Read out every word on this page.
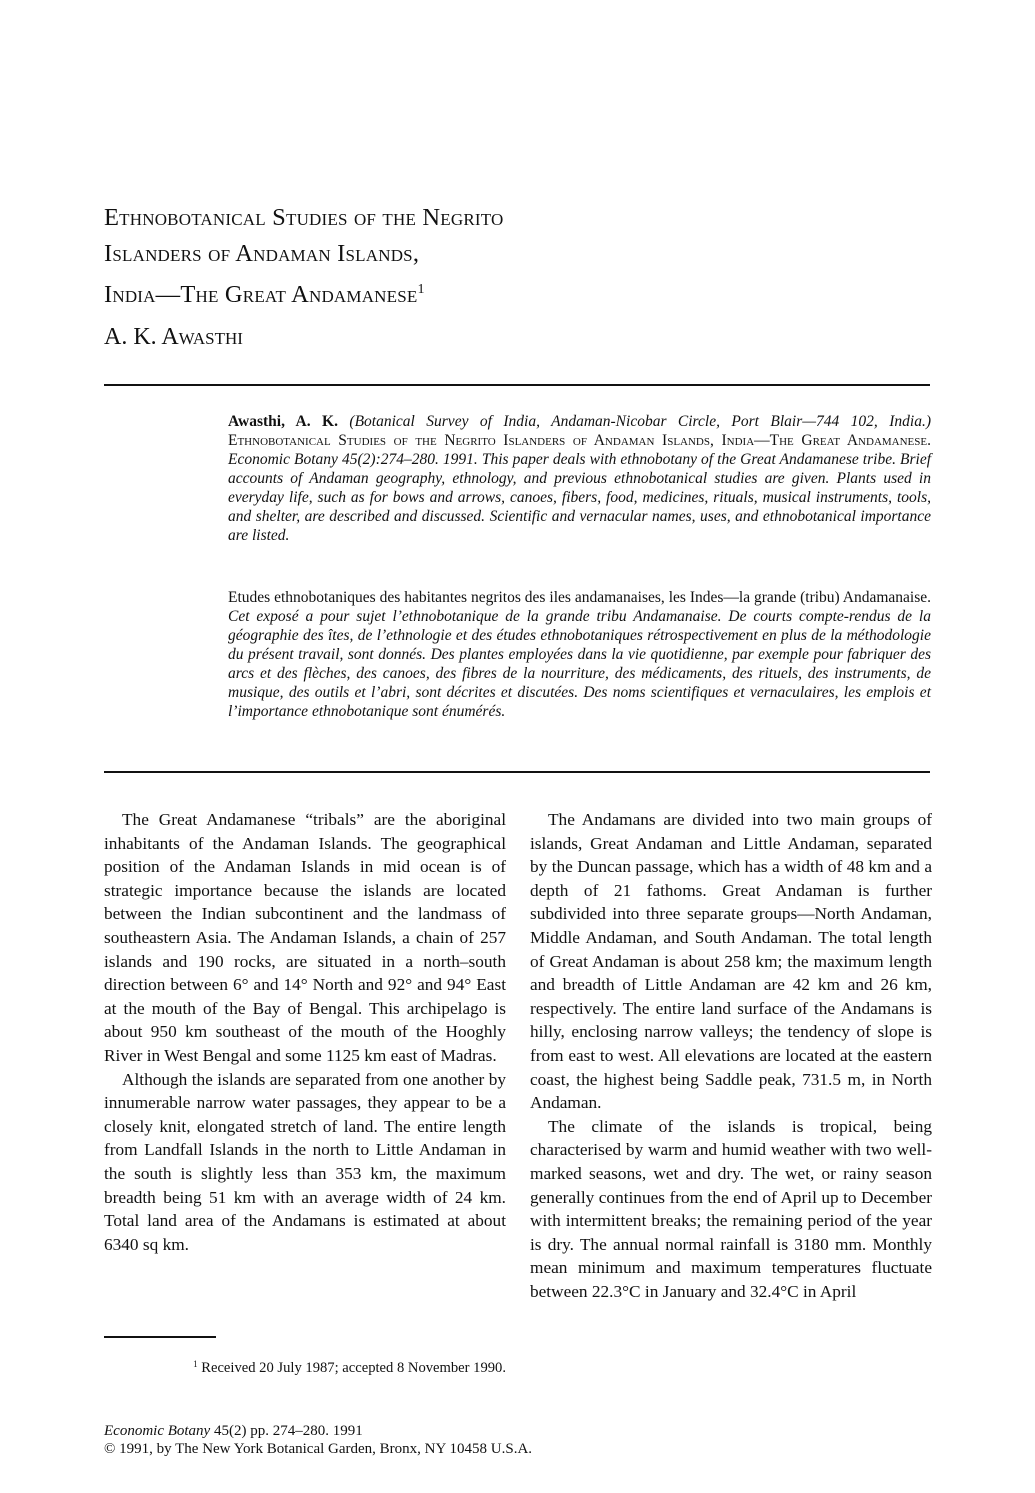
Ethnobotanical Studies of the Negrito
Islanders of Andaman Islands,
India—The Great Andamanese$^1$
A. K. Awasthi

Awasthi, A. K. (Botanical Survey of India, Andaman-Nicobar Circle, Port Blair—744 102, India.) Ethnobotanical Studies of the Negrito Islanders of Andaman Islands, India—The Great Andamanese. Economic Botany 45(2):274–280. 1991. This paper deals with ethnobotany of the Great Andamanese tribe. Brief accounts of Andaman geography, ethnology, and previous ethnobotanical studies are given. Plants used in everyday life, such as for bows and arrows, canoes, fibers, food, medicines, rituals, musical instruments, tools, and shelter, are described and discussed. Scientific and vernacular names, uses, and ethnobotanical importance are listed.

Etudes ethnobotaniques des habitantes negritos des iles andamanaises, les Indes—la grande (tribu) Andamanaise. Cet exposé a pour sujet l’ethnobotanique de la grande tribu Andamanaise. De courts compte-rendus de la géographie des îtes, de l’ethnologie et des études ethnobotaniques rétrospectivement en plus de la méthodologie du présent travail, sont donnés. Des plantes employées dans la vie quotidienne, par exemple pour fabriquer des arcs et des flèches, des canoes, des fibres de la nourriture, des médicaments, des rituels, des instruments, de musique, des outils et l’abri, sont décrites et discutées. Des noms scientifiques et vernaculaires, les emplois et l’importance ethnobotanique sont énumérés.

The Great Andamanese “tribals” are the aboriginal inhabitants of the Andaman Islands. The geographical position of the Andaman Islands in mid ocean is of strategic importance because the islands are located between the Indian subcontinent and the landmass of southeastern Asia. The Andaman Islands, a chain of 257 islands and 190 rocks, are situated in a north–south direction between 6° and 14° North and 92° and 94° East at the mouth of the Bay of Bengal. This archipelago is about 950 km southeast of the mouth of the Hooghly River in West Bengal and some 1125 km east of Madras.

Although the islands are separated from one another by innumerable narrow water passages, they appear to be a closely knit, elongated stretch of land. The entire length from Landfall Islands in the north to Little Andaman in the south is slightly less than 353 km, the maximum breadth being 51 km with an average width of 24 km. Total land area of the Andamans is estimated at about 6340 sq km.

The Andamans are divided into two main groups of islands, Great Andaman and Little Andaman, separated by the Duncan passage, which has a width of 48 km and a depth of 21 fathoms. Great Andaman is further subdivided into three separate groups—North Andaman, Middle Andaman, and South Andaman. The total length of Great Andaman is about 258 km; the maximum length and breadth of Little Andaman are 42 km and 26 km, respectively. The entire land surface of the Andamans is hilly, enclosing narrow valleys; the tendency of slope is from east to west. All elevations are located at the eastern coast, the highest being Saddle peak, 731.5 m, in North Andaman.

The climate of the islands is tropical, being characterised by warm and humid weather with two well-marked seasons, wet and dry. The wet, or rainy season generally continues from the end of April up to December with intermittent breaks; the remaining period of the year is dry. The annual normal rainfall is 3180 mm. Monthly mean minimum and maximum temperatures fluctuate between 22.3°C in January and 32.4°C in April

$^1$ Received 20 July 1987; accepted 8 November 1990.

Economic Botany 45(2) pp. 274–280. 1991
© 1991, by The New York Botanical Garden, Bronx, NY 10458 U.S.A.
